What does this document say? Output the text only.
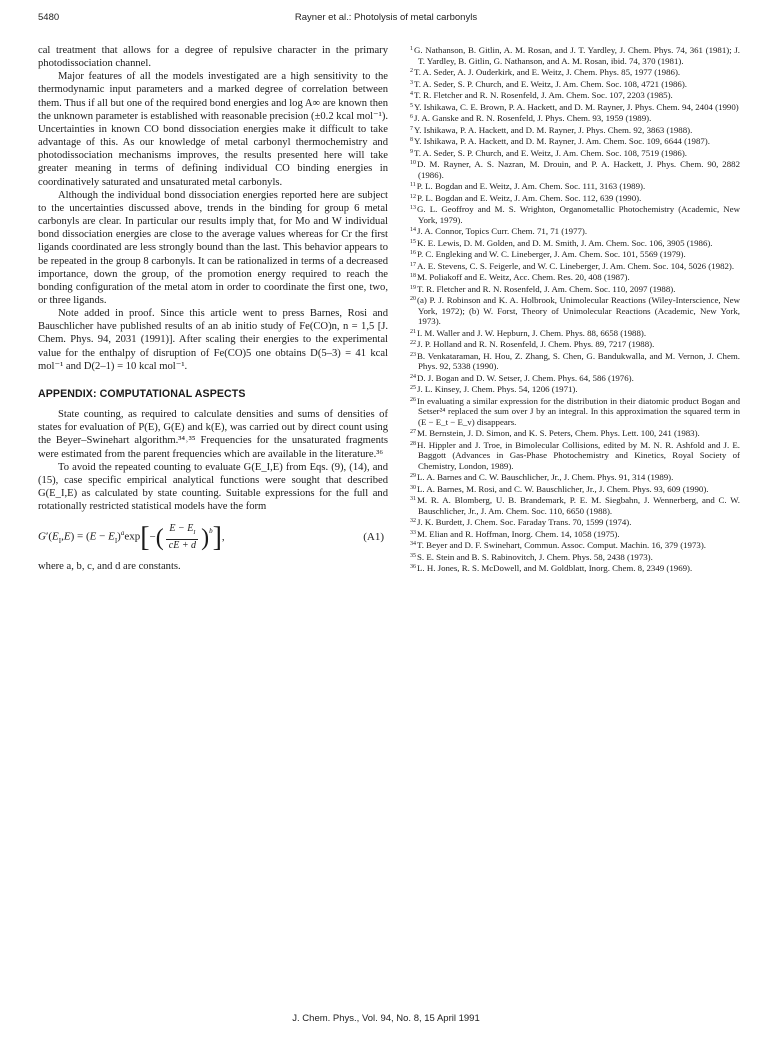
5480	Rayner et al.: Photolysis of metal carbonyls

cal treatment that allows for a degree of repulsive character in the primary photodissociation channel.

Major features of all the models investigated are a high sensitivity to the thermodynamic input parameters and a marked degree of correlation between them. Thus if all but one of the required bond energies and log A∞ are known then the unknown parameter is established with reasonable precision (±0.2 kcal mol⁻¹). Uncertainties in known CO bond dissociation energies make it difficult to take advantage of this. As our knowledge of metal carbonyl thermochemistry and photodissociation mechanisms improves, the results presented here will take greater meaning in terms of defining individual CO binding energies in coordinatively saturated and unsaturated metal carbonyls.

Although the individual bond dissociation energies reported here are subject to the uncertainties discussed above, trends in the binding for group 6 metal carbonyls are clear. In particular our results imply that, for Mo and W individual bond dissociation energies are close to the average values whereas for Cr the first ligands coordinated are less strongly bound than the last. This behavior appears to be repeated in the group 8 carbonyls. It can be rationalized in terms of a decreased importance, down the group, of the promotion energy required to reach the bonding configuration of the metal atom in order to coordinate the first one, two, or three ligands.

Note added in proof. Since this article went to press Barnes, Rosi and Bauschlicher have published results of an ab initio study of Fe(CO)n, n = 1,5 [J. Chem. Phys. 94, 2031 (1991)]. After scaling their energies to the experimental value for the enthalpy of disruption of Fe(CO)5 one obtains D(5–3) = 41 kcal mol⁻¹ and D(2–1) = 10 kcal mol⁻¹.

APPENDIX: COMPUTATIONAL ASPECTS

State counting, as required to calculate densities and sums of densities of states for evaluation of P(E), G(E) and k(E), was carried out by direct count using the Beyer–Swinehart algorithm.³⁴˒³⁵ Frequencies for the unsaturated fragments were estimated from the parent frequencies which are available in the literature.³⁶

To avoid the repeated counting to evaluate G(E_I,E) from Eqs. (9), (14), and (15), case specific empirical analytical functions were sought that described G(E_I,E) as calculated by state counting. Suitable expressions for the full and rotationally restricted statistical models have the form

$G'(E_I,E) = (E - E_I)^a\exp$ [ − ( $\frac{E - E_I}{cE + d}$ ) $^b$ ] ,	(A1)

where a, b, c, and d are constants.

$^1$G. Nathanson, B. Gitlin, A. M. Rosan, and J. T. Yardley, J. Chem. Phys. 74, 361 (1981); J. T. Yardley, B. Gitlin, G. Nathanson, and A. M. Rosan, ibid. 74, 370 (1981).
$^2$T. A. Seder, A. J. Ouderkirk, and E. Weitz, J. Chem. Phys. 85, 1977 (1986).
$^3$T. A. Seder, S. P. Church, and E. Weitz, J. Am. Chem. Soc. 108, 4721 (1986).
$^4$T. R. Fletcher and R. N. Rosenfeld, J. Am. Chem. Soc. 107, 2203 (1985).
$^5$Y. Ishikawa, C. E. Brown, P. A. Hackett, and D. M. Rayner, J. Phys. Chem. 94, 2404 (1990)
$^6$J. A. Ganske and R. N. Rosenfeld, J. Phys. Chem. 93, 1959 (1989).
$^7$Y. Ishikawa, P. A. Hackett, and D. M. Rayner, J. Phys. Chem. 92, 3863 (1988).
$^8$Y. Ishikawa, P. A. Hackett, and D. M. Rayner, J. Am. Chem. Soc. 109, 6644 (1987).
$^9$T. A. Seder, S. P. Church, and E. Weitz, J. Am. Chem. Soc. 108, 7519 (1986).
$^{10}$D. M. Rayner, A. S. Nazran, M. Drouin, and P. A. Hackett, J. Phys. Chem. 90, 2882 (1986).
$^{11}$P. L. Bogdan and E. Weitz, J. Am. Chem. Soc. 111, 3163 (1989).
$^{12}$P. L. Bogdan and E. Weitz, J. Am. Chem. Soc. 112, 639 (1990).
$^{13}$G. L. Geoffroy and M. S. Wrighton, Organometallic Photochemistry (Academic, New York, 1979).
$^{14}$J. A. Connor, Topics Curr. Chem. 71, 71 (1977).
$^{15}$K. E. Lewis, D. M. Golden, and D. M. Smith, J. Am. Chem. Soc. 106, 3905 (1986).
$^{16}$P. C. Engleking and W. C. Lineberger, J. Am. Chem. Soc. 101, 5569 (1979).
$^{17}$A. E. Stevens, C. S. Feigerle, and W. C. Lineberger, J. Am. Chem. Soc. 104, 5026 (1982).
$^{18}$M. Poliakoff and E. Weitz, Acc. Chem. Res. 20, 408 (1987).
$^{19}$T. R. Fletcher and R. N. Rosenfeld, J. Am. Chem. Soc. 110, 2097 (1988).
$^{20}$(a) P. J. Robinson and K. A. Holbrook, Unimolecular Reactions (Wiley-Interscience, New York, 1972); (b) W. Forst, Theory of Unimolecular Reactions (Academic, New York, 1973).
$^{21}$I. M. Waller and J. W. Hepburn, J. Chem. Phys. 88, 6658 (1988).
$^{22}$J. P. Holland and R. N. Rosenfeld, J. Chem. Phys. 89, 7217 (1988).
$^{23}$B. Venkataraman, H. Hou, Z. Zhang, S. Chen, G. Bandukwalla, and M. Vernon, J. Chem. Phys. 92, 5338 (1990).
$^{24}$D. J. Bogan and D. W. Setser, J. Chem. Phys. 64, 586 (1976).
$^{25}$J. L. Kinsey, J. Chem. Phys. 54, 1206 (1971).
$^{26}$In evaluating a similar expression for the distribution in their diatomic product Bogan and Setser²⁴ replaced the sum over J by an integral. In this approximation the squared term in (E − E_t − E_v) disappears.
$^{27}$M. Bernstein, J. D. Simon, and K. S. Peters, Chem. Phys. Lett. 100, 241 (1983).
$^{28}$H. Hippler and J. Troe, in Bimolecular Collisions, edited by M. N. R. Ashfold and J. E. Baggott (Advances in Gas-Phase Photochemistry and Kinetics, Royal Society of Chemistry, London, 1989).
$^{29}$L. A. Barnes and C. W. Bauschlicher, Jr., J. Chem. Phys. 91, 314 (1989).
$^{30}$L. A. Barnes, M. Rosi, and C. W. Bauschlicher, Jr., J. Chem. Phys. 93, 609 (1990).
$^{31}$M. R. A. Blomberg, U. B. Brandemark, P. E. M. Siegbahn, J. Wennerberg, and C. W. Bauschlicher, Jr., J. Am. Chem. Soc. 110, 6650 (1988).
$^{32}$J. K. Burdett, J. Chem. Soc. Faraday Trans. 70, 1599 (1974).
$^{33}$M. Elian and R. Hoffman, Inorg. Chem. 14, 1058 (1975).
$^{34}$T. Beyer and D. F. Swinehart, Commun. Assoc. Comput. Machin. 16, 379 (1973).
$^{35}$S. E. Stein and B. S. Rabinovitch, J. Chem. Phys. 58, 2438 (1973).
$^{36}$L. H. Jones, R. S. McDowell, and M. Goldblatt, Inorg. Chem. 8, 2349 (1969).
J. Chem. Phys., Vol. 94, No. 8, 15 April 1991
